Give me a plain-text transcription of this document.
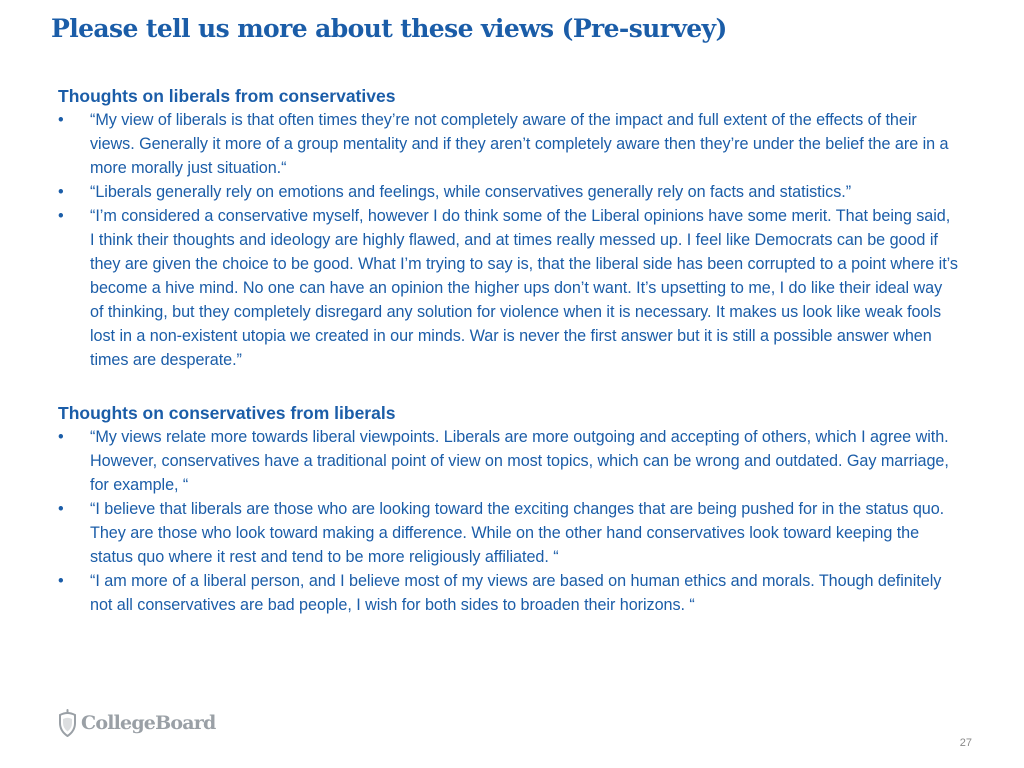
Please tell us more about these views (Pre-survey)
Thoughts on liberals from conservatives
•	“My view of liberals is that often times they’re not completely aware of the impact and full extent of the effects of their views. Generally it more of a group mentality and if they aren’t completely aware then they’re under the belief the are in a more morally just situation.“
•	“Liberals generally rely on emotions and feelings, while conservatives generally rely on facts and statistics.”
•	“I’m considered a conservative myself, however I do think some of the Liberal opinions have some merit. That being said, I think their thoughts and ideology are highly flawed, and at times really messed up. I feel like Democrats can be good if they are given the choice to be good. What I’m trying to say is, that the liberal side has been corrupted to a point where it’s become a hive mind. No one can have an opinion the higher ups don’t want. It’s upsetting to me, I do like their ideal way of thinking, but they completely disregard any solution for violence when it is necessary. It makes us look like weak fools lost in a non-existent utopia we created in our minds. War is never the first answer but it is still a possible answer when times are desperate.”
Thoughts on conservatives from liberals
•	“My views relate more towards liberal viewpoints. Liberals are more outgoing and accepting of others, which I agree with. However, conservatives have a traditional point of view on most topics, which can be wrong and outdated. Gay marriage, for example, “
•	“I believe that liberals are those who are looking toward the exciting changes that are being pushed for in the status quo. They are those who look toward making a difference. While on the other hand conservatives look toward keeping the status quo where it rest and tend to be more religiously affiliated. “
•	“I am more of a liberal person, and I believe most of my views are based on human ethics and morals. Though definitely not all conservatives are bad people, I wish for both sides to broaden their horizons. “
CollegeBoard
27
